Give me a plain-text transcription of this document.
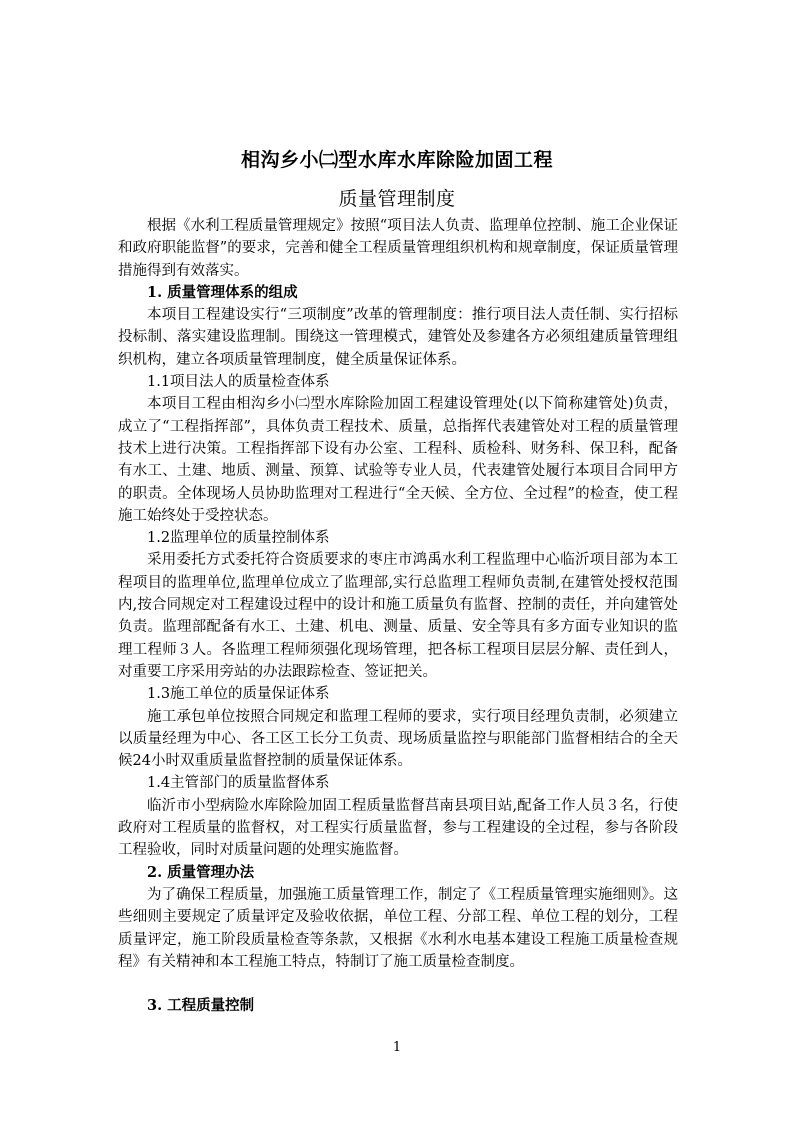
相沟乡小㈡型水库水库除险加固工程
质量管理制度

根据《水利工程质量管理规定》按照“项目法人负责、监理单位控制、施工企业保证和政府职能监督”的要求，完善和健全工程质量管理组织机构和规章制度，保证质量管理措施得到有效落实。

1. 质量管理体系的组成

本项目工程建设实行“三项制度”改革的管理制度：推行项目法人责任制、实行招标投标制、落实建设监理制。围绕这一管理模式，建管处及参建各方必须组建质量管理组织机构，建立各项质量管理制度，健全质量保证体系。

1.1项目法人的质量检查体系

本项目工程由相沟乡小㈡型水库除险加固工程建设管理处(以下简称建管处)负责，成立了“工程指挥部”，具体负责工程技术、质量，总指挥代表建管处对工程的质量管理技术上进行决策。工程指挥部下设有办公室、工程科、质检科、财务科、保卫科，配备有水工、土建、地质、测量、预算、试验等专业人员，代表建管处履行本项目合同甲方的职责。全体现场人员协助监理对工程进行“全天候、全方位、全过程”的检查，使工程施工始终处于受控状态。

1.2监理单位的质量控制体系

采用委托方式委托符合资质要求的枣庄市鸿禹水利工程监理中心临沂项目部为本工程项目的监理单位,监理单位成立了监理部,实行总监理工程师负责制,在建管处授权范围内,按合同规定对工程建设过程中的设计和施工质量负有监督、控制的责任，并向建管处负责。监理部配备有水工、土建、机电、测量、质量、安全等具有多方面专业知识的监理工程师３人。各监理工程师须强化现场管理，把各标工程项目层层分解、责任到人，对重要工序采用旁站的办法跟踪检查、签证把关。

1.3施工单位的质量保证体系

施工承包单位按照合同规定和监理工程师的要求，实行项目经理负责制，必须建立以质量经理为中心、各工区工长分工负责、现场质量监控与职能部门监督相结合的全天候24小时双重质量监督控制的质量保证体系。

1.4主管部门的质量监督体系

临沂市小型病险水库除险加固工程质量监督莒南县项目站,配备工作人员３名，行使政府对工程质量的监督权，对工程实行质量监督，参与工程建设的全过程，参与各阶段工程验收，同时对质量问题的处理实施监督。

2. 质量管理办法

为了确保工程质量，加强施工质量管理工作，制定了《工程质量管理实施细则》。这些细则主要规定了质量评定及验收依据，单位工程、分部工程、单位工程的划分，工程质量评定，施工阶段质量检查等条款，又根据《水利水电基本建设工程施工质量检查规程》有关精神和本工程施工特点，特制订了施工质量检查制度。

3. 工程质量控制

1
